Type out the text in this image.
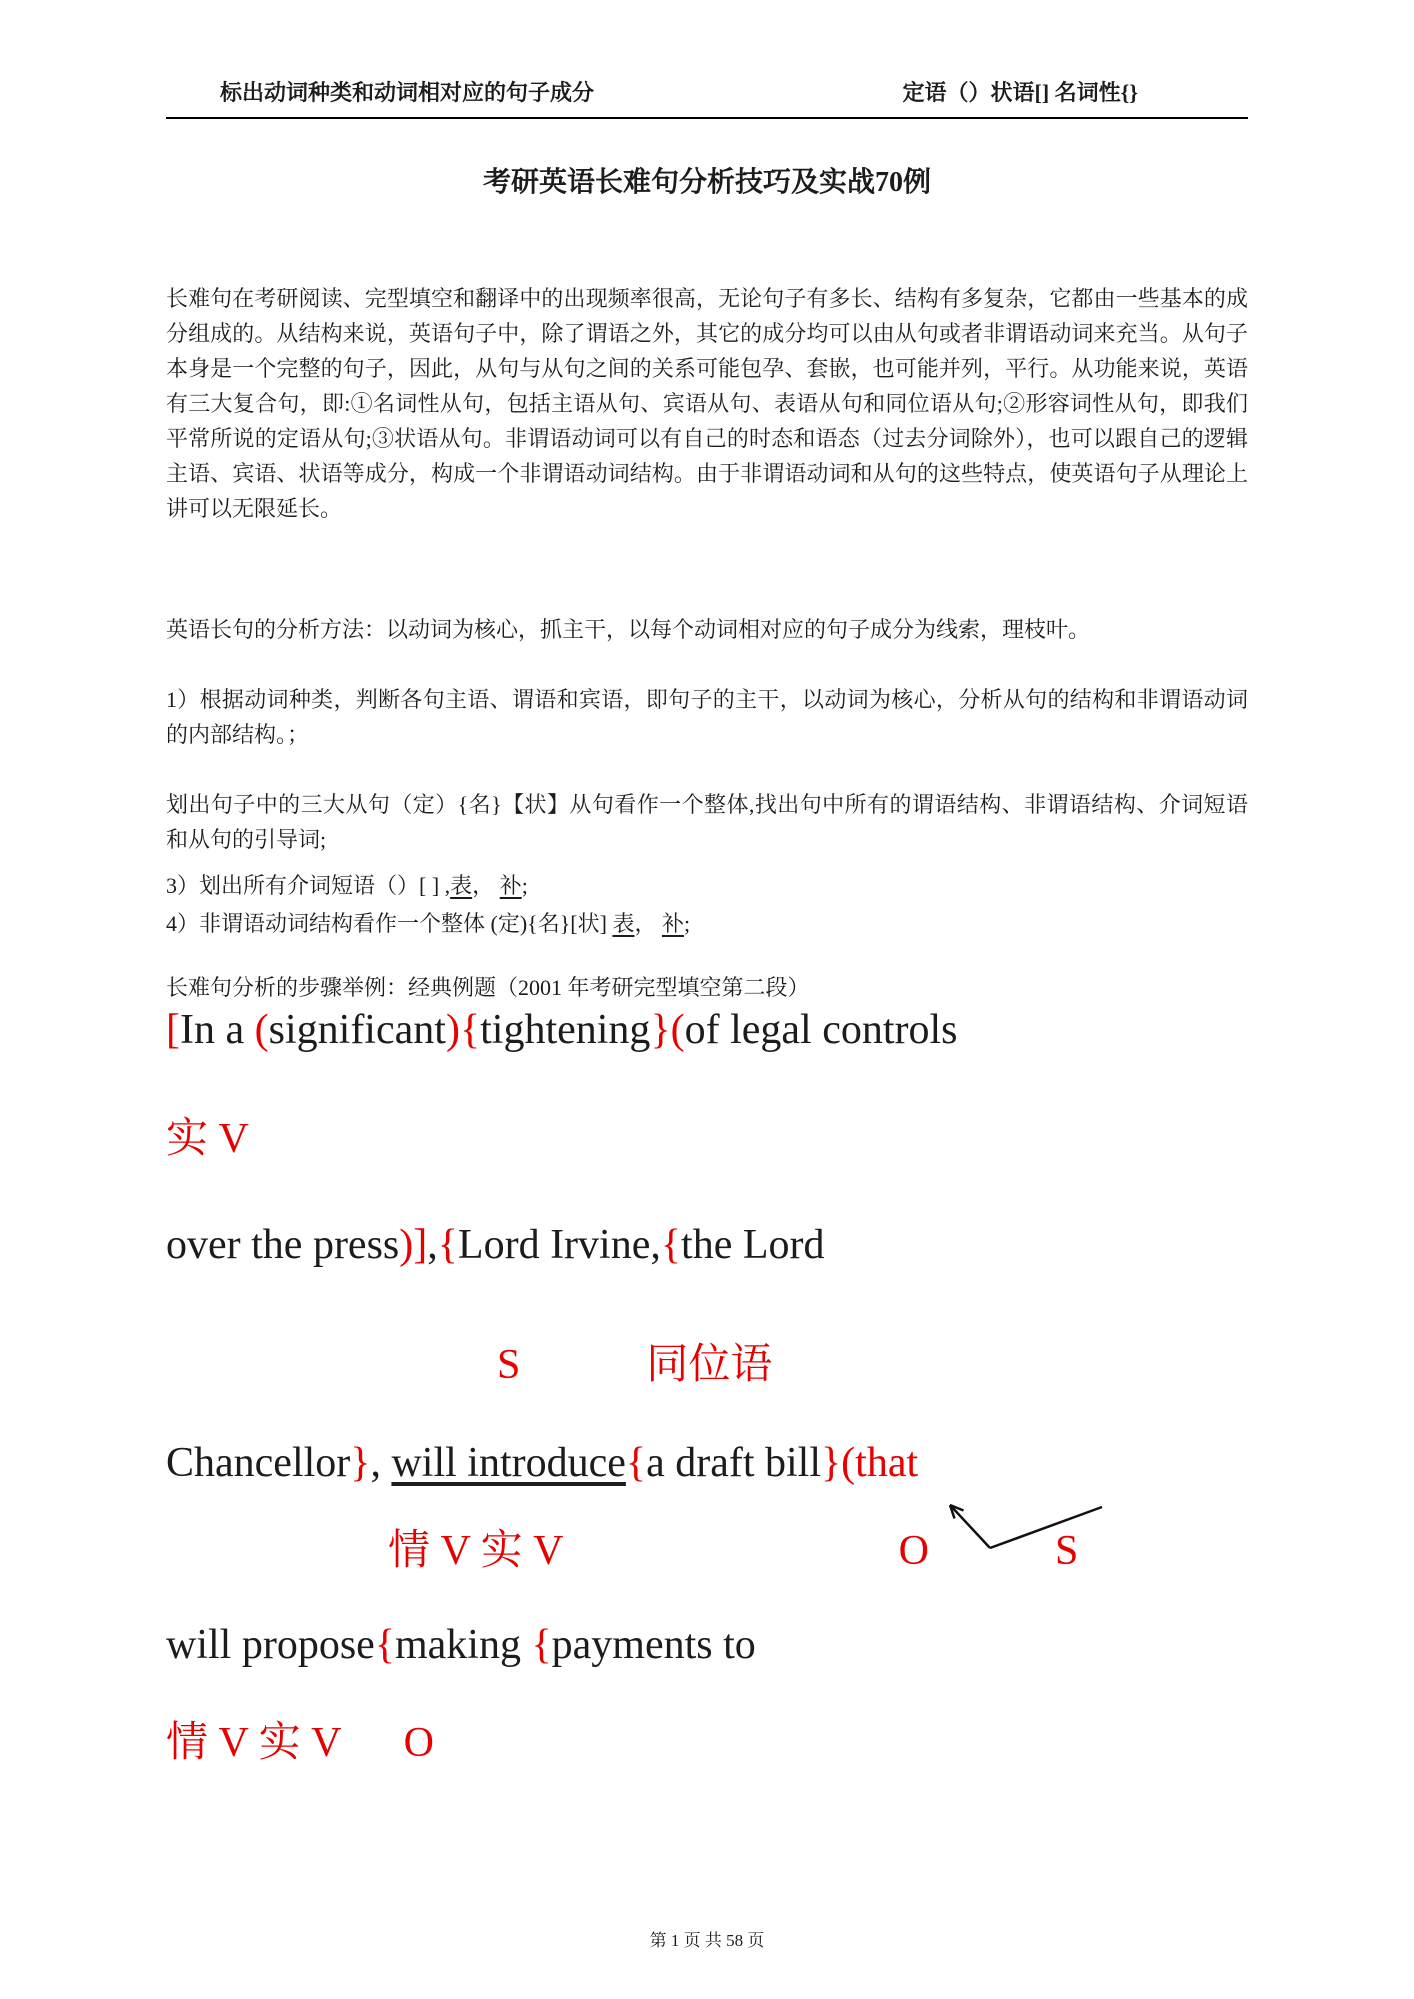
标出动词种类和动词相对应的句子成分	定语（）状语[] 名词性{}
考研英语长难句分析技巧及实战70例
长难句在考研阅读、完型填空和翻译中的出现频率很高，无论句子有多长、结构有多复杂，它都由一些基本的成分组成的。从结构来说，英语句子中，除了谓语之外，其它的成分均可以由从句或者非谓语动词来充当。从句子本身是一个完整的句子，因此，从句与从句之间的关系可能包孕、套嵌，也可能并列，平行。从功能来说，英语有三大复合句，即:①名词性从句，包括主语从句、宾语从句、表语从句和同位语从句;②形容词性从句，即我们平常所说的定语从句;③状语从句。非谓语动词可以有自己的时态和语态（过去分词除外），也可以跟自己的逻辑主语、宾语、状语等成分，构成一个非谓语动词结构。由于非谓语动词和从句的这些特点，使英语句子从理论上讲可以无限延长。
英语长句的分析方法：以动词为核心，抓主干，以每个动词相对应的句子成分为线索，理枝叶。
1）根据动词种类，判断各句主语、谓语和宾语，即句子的主干，以动词为核心，分析从句的结构和非谓语动词的内部结构。；
划出句子中的三大从句（定）{名}【状】从句看作一个整体,找出句中所有的谓语结构、非谓语结构、介词短语和从句的引导词;
3）划出所有介词短语（）[ ] ,表， 补;
4）非谓语动词结构看作一个整体 (定){名}[状] 表， 补;
长难句分析的步骤举例：经典例题（2001 年考研完型填空第二段）
[In a (significant){tightening}(of legal controls
实 V
over the press)],{Lord Irvine,{the Lord
S            同位语
Chancellor}, will introduce{a draft bill}(that
情 V 实 V                                O            S
will propose{making {payments to
情 V 实 V      O
第 1 页 共 58 页
